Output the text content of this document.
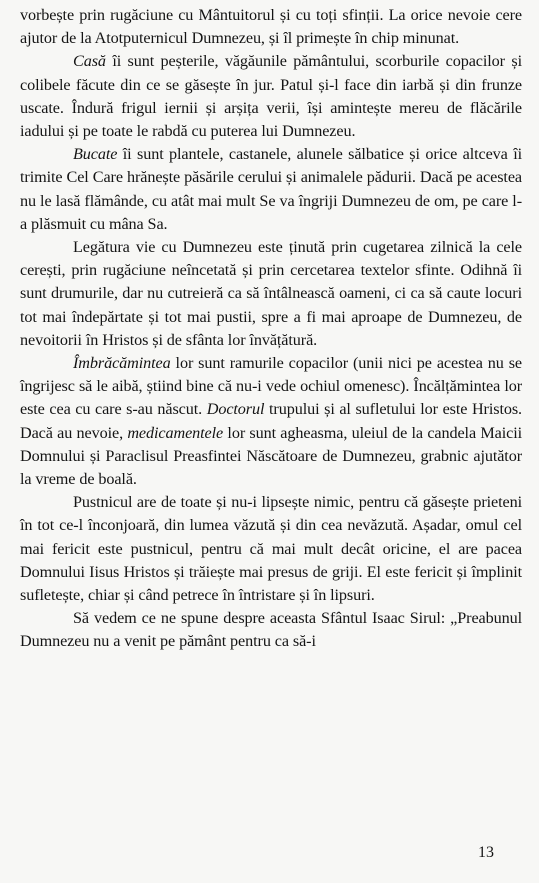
vorbește prin rugăciune cu Mântuitorul și cu toți sfinții. La orice nevoie cere ajutor de la Atotputernicul Dumnezeu, și îl primește în chip minunat.

Casă îi sunt peșterile, văgăunile pământului, scorburile copacilor și colibele făcute din ce se găsește în jur. Patul și-l face din iarbă și din frunze uscate. Îndură frigul iernii și arșița verii, își amintește mereu de flăcările iadului și pe toate le rabdă cu puterea lui Dumnezeu.

Bucate îi sunt plantele, castanele, alunele sălbatice și orice altceva îi trimite Cel Care hrănește păsările cerului și animalele pădurii. Dacă pe acestea nu le lasă flămânde, cu atât mai mult Se va îngriji Dumnezeu de om, pe care l-a plăsmuit cu mâna Sa.

Legătura vie cu Dumnezeu este ținută prin cugetarea zilnică la cele cerești, prin rugăciune neîncetată și prin cercetarea textelor sfinte. Odihnă îi sunt drumurile, dar nu cutreieră ca să întâlnească oameni, ci ca să caute locuri tot mai îndepărtate și tot mai pustii, spre a fi mai aproape de Dumnezeu, de nevoitorii în Hristos și de sfânta lor învățătură.

Îmbrăcămintea lor sunt ramurile copacilor (unii nici pe acestea nu se îngrijesc să le aibă, știind bine că nu-i vede ochiul omenesc). Încălțămintea lor este cea cu care s-au născut. Doctorul trupului și al sufletului lor este Hristos. Dacă au nevoie, medicamentele lor sunt agheasma, uleiul de la candela Maicii Domnului și Paraclisul Preasfintei Născătoare de Dumnezeu, grabnic ajutător la vreme de boală.

Pustnicul are de toate și nu-i lipsește nimic, pentru că găsește prieteni în tot ce-l înconjoară, din lumea văzută și din cea nevăzută. Așadar, omul cel mai fericit este pustnicul, pentru că mai mult decât oricine, el are pacea Domnului Iisus Hristos și trăiește mai presus de griji. El este fericit și împlinit sufletește, chiar și când petrece în întristare și în lipsuri.

Să vedem ce ne spune despre aceasta Sfântul Isaac Sirul: „Preabunul Dumnezeu nu a venit pe pământ pentru ca să-i

13
